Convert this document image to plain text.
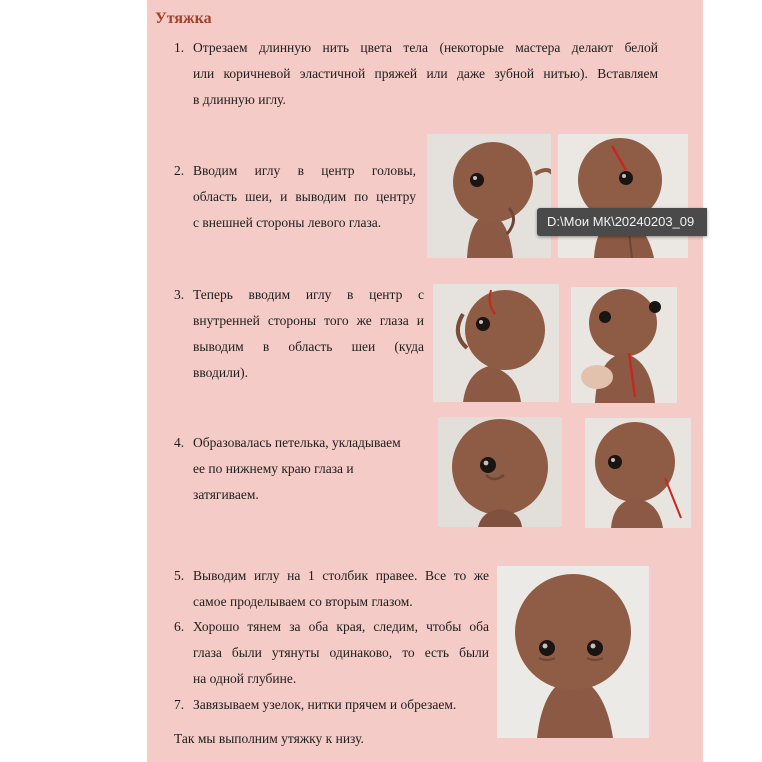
Утяжка
1. Отрезаем длинную нить цвета тела (некоторые мастера делают белой
или коричневой эластичной пряжей или даже зубной нитью). Вставляем
в длинную иглу.
2. Вводим иглу в центр головы,
область шеи, и выводим по центру
с внешней стороны левого глаза.
3. Теперь вводим иглу в центр с
внутренней стороны того же глаза и
выводим в область шеи (куда
вводили).
4. Образовалась петелька, укладываем
ее по нижнему краю глаза и
затягиваем.
5. Выводим иглу на 1 столбик правее. Все то же
самое проделываем со вторым глазом.
6. Хорошо тянем за оба края, следим, чтобы оба
глаза были утянуты одинаково, то есть были
на одной глубине.
7. Завязываем узелок, нитки прячем и обрезаем.
Так мы выполним утяжку к низу.
D:\Мои МК\20240203_09
